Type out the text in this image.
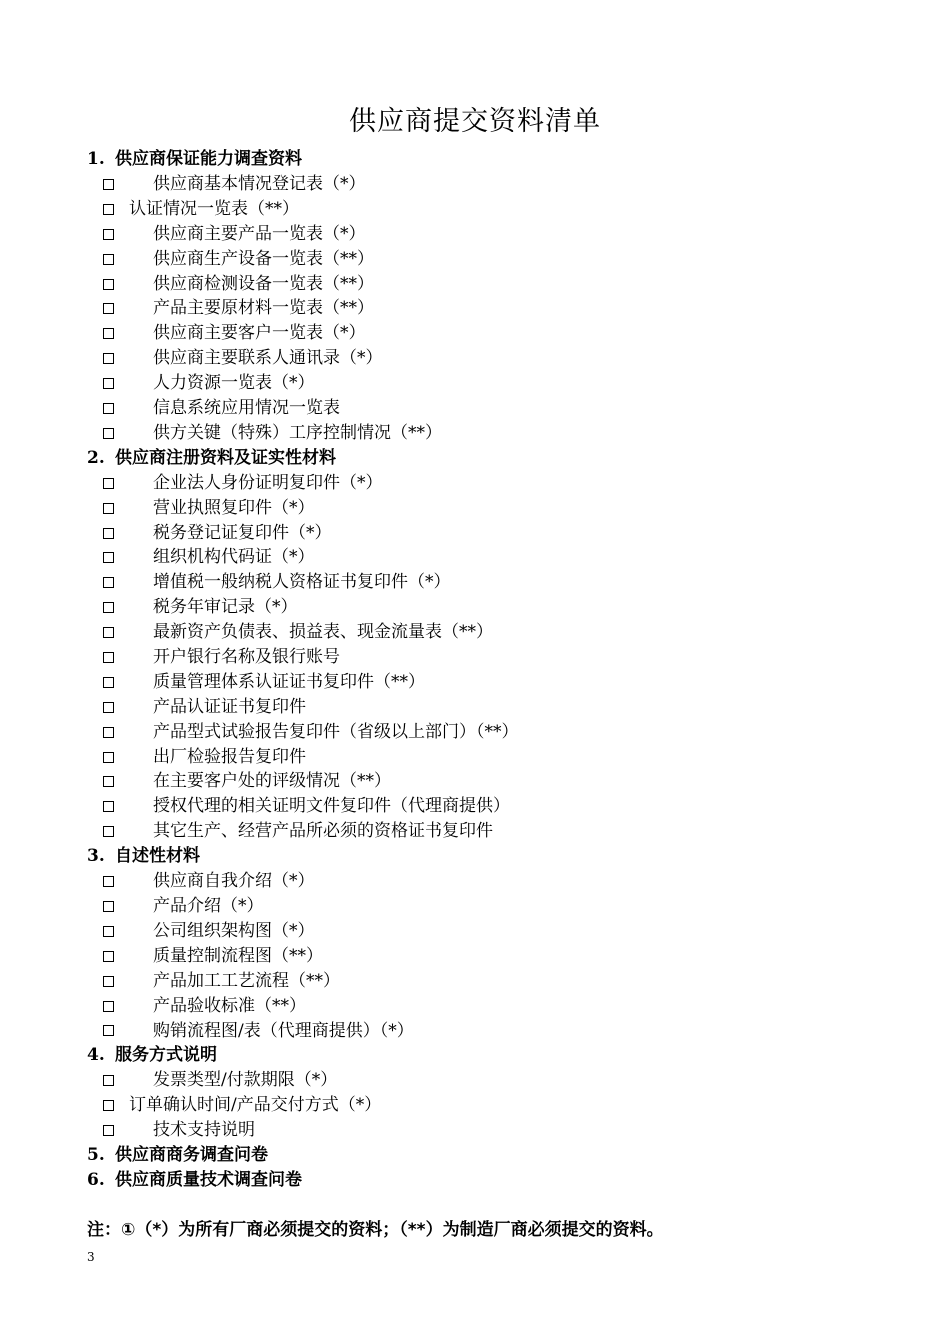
供应商提交资料清单
1. 供应商保证能力调查资料
供应商基本情况登记表（*）
认证情况一览表（**）
供应商主要产品一览表（*）
供应商生产设备一览表（**）
供应商检测设备一览表（**）
产品主要原材料一览表（**）
供应商主要客户一览表（*）
供应商主要联系人通讯录（*）
人力资源一览表（*）
信息系统应用情况一览表
供方关键（特殊）工序控制情况（**）
2. 供应商注册资料及证实性材料
企业法人身份证明复印件（*）
营业执照复印件（*）
税务登记证复印件（*）
组织机构代码证（*）
增值税一般纳税人资格证书复印件（*）
税务年审记录（*）
最新资产负债表、损益表、现金流量表（**）
开户银行名称及银行账号
质量管理体系认证证书复印件（**）
产品认证证书复印件
产品型式试验报告复印件（省级以上部门）（**）
出厂检验报告复印件
在主要客户处的评级情况（**）
授权代理的相关证明文件复印件（代理商提供）
其它生产、经营产品所必须的资格证书复印件
3. 自述性材料
供应商自我介绍（*）
产品介绍（*）
公司组织架构图（*）
质量控制流程图（**）
产品加工工艺流程（**）
产品验收标准（**）
购销流程图/表（代理商提供）（*）
4. 服务方式说明
发票类型/付款期限（*）
订单确认时间/产品交付方式（*）
技术支持说明
5. 供应商商务调查问卷
6. 供应商质量技术调查问卷
注：①（*）为所有厂商必须提交的资料；（**）为制造厂商必须提交的资料。
3
